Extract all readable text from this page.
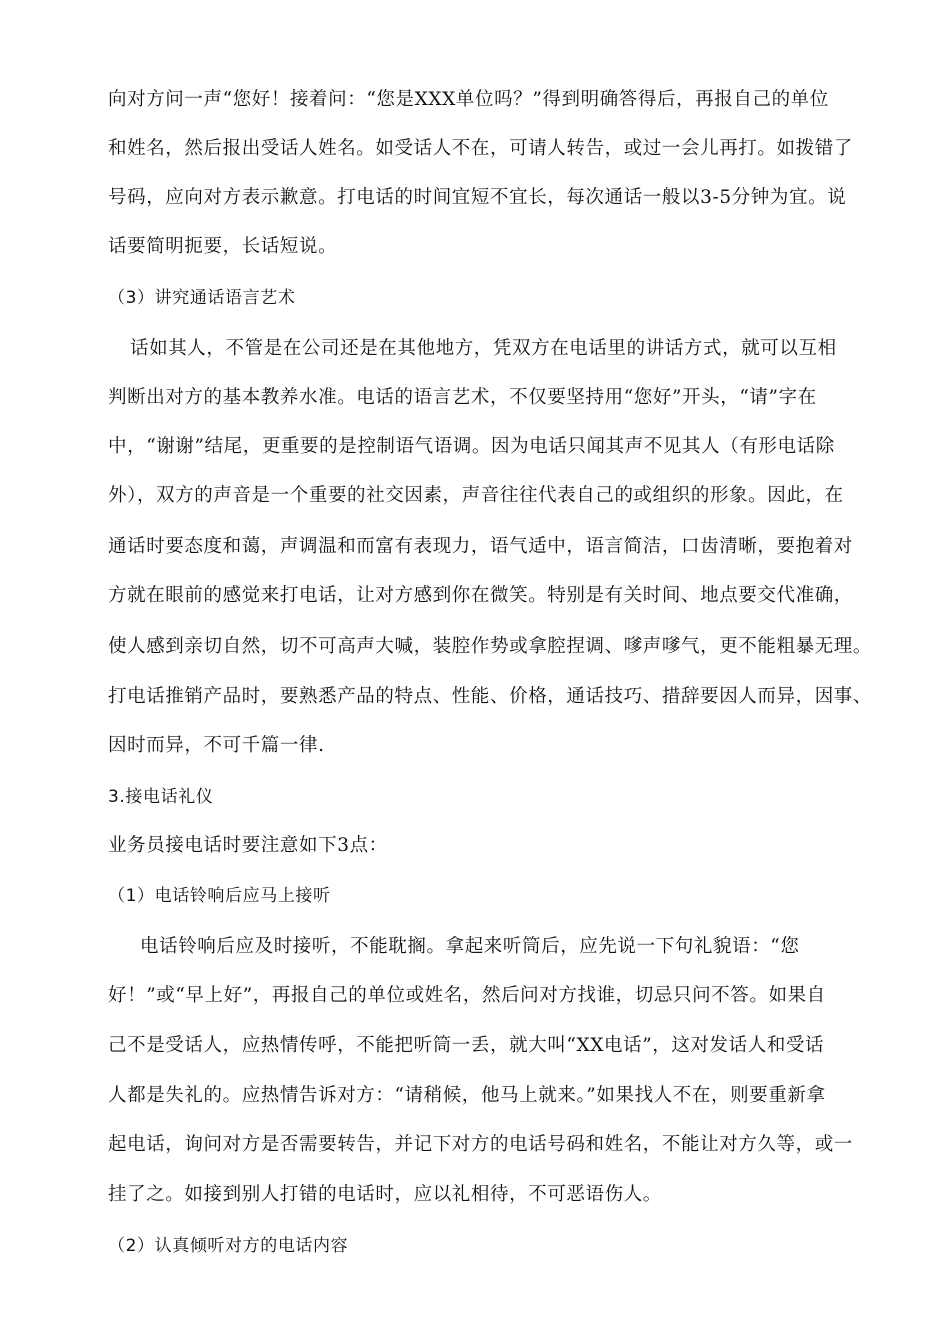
向对方问一声“您好！接着问：“您是XXX单位吗？”得到明确答得后，再报自己的单位
和姓名，然后报出受话人姓名。如受话人不在，可请人转告，或过一会儿再打。如拨错了
号码，应向对方表示歉意。打电话的时间宜短不宜长，每次通话一般以3-5分钟为宜。说
话要简明扼要，长话短说。
（3）讲究通话语言艺术
话如其人，不管是在公司还是在其他地方，凭双方在电话里的讲话方式，就可以互相
判断出对方的基本教养水准。电话的语言艺术，不仅要坚持用“您好”开头，“请”字在
中，“谢谢”结尾，更重要的是控制语气语调。因为电话只闻其声不见其人（有形电话除
外），双方的声音是一个重要的社交因素，声音往往代表自己的或组织的形象。因此，在
通话时要态度和蔼，声调温和而富有表现力，语气适中，语言简洁，口齿清晰，要抱着对
方就在眼前的感觉来打电话，让对方感到你在微笑。特别是有关时间、地点要交代准确，
使人感到亲切自然，切不可高声大喊，装腔作势或拿腔捏调、嗲声嗲气，更不能粗暴无理。
打电话推销产品时，要熟悉产品的特点、性能、价格，通话技巧、措辞要因人而异，因事、
因时而异，不可千篇一律.
3.接电话礼仪
业务员接电话时要注意如下3点：
（1）电话铃响后应马上接听
电话铃响后应及时接听，不能耽搁。拿起来听筒后，应先说一下句礼貌语：“您
好！”或“早上好”，再报自己的单位或姓名，然后问对方找谁，切忌只问不答。如果自
己不是受话人，应热情传呼，不能把听筒一丢，就大叫“XX电话”，这对发话人和受话
人都是失礼的。应热情告诉对方：“请稍候，他马上就来。”如果找人不在，则要重新拿
起电话，询问对方是否需要转告，并记下对方的电话号码和姓名，不能让对方久等，或一
挂了之。如接到别人打错的电话时，应以礼相待，不可恶语伤人。
（2）认真倾听对方的电话内容
